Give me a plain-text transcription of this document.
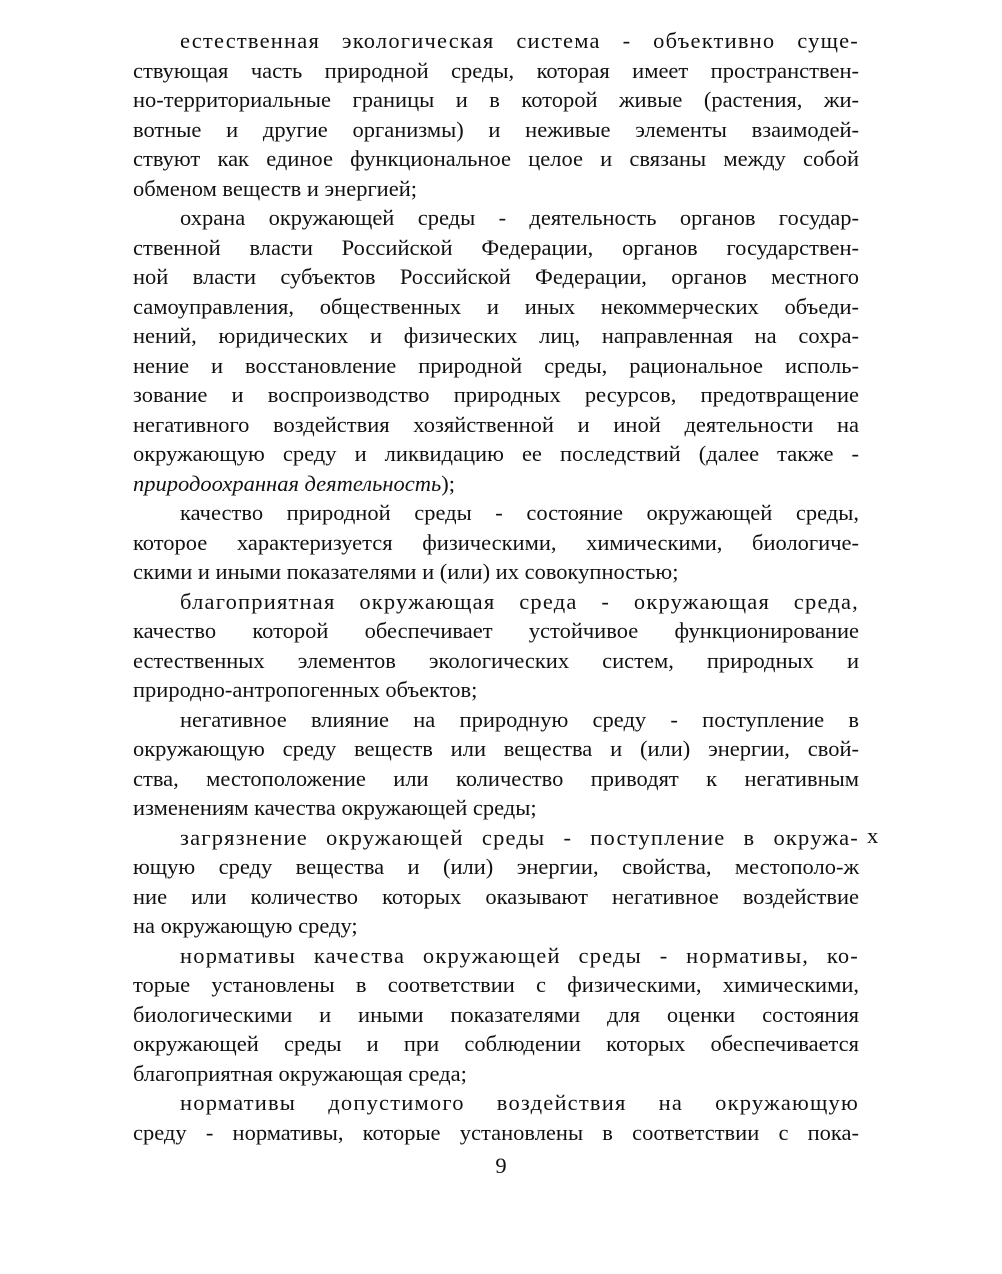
естественная экологическая система - объективно суще-
ствующая часть природной среды, которая имеет пространствен-
но-территориальные границы и в которой живые (растения, жи-
вотные и другие организмы) и неживые элементы взаимодей-
ствуют как единое функциональное целое и связаны между собой
обменом веществ и энергией;
охрана окружающей среды - деятельность органов государ-
ственной власти Российской Федерации, органов государствен-
ной власти субъектов Российской Федерации, органов местного
самоуправления, общественных и иных некоммерческих объеди-
нений, юридических и физических лиц, направленная на сохра-
нение и восстановление природной среды, рациональное исполь-
зование и воспроизводство природных ресурсов, предотвращение
негативного воздействия хозяйственной и иной деятельности на
окружающую среду и ликвидацию ее последствий (далее также -
природоохранная деятельность);
качество природной среды - состояние окружающей среды,
которое характеризуется физическими, химическими, биологиче-
скими и иными показателями и (или) их совокупностью;
благоприятная окружающая среда - окружающая среда,
качество которой обеспечивает устойчивое функционирование
естественных элементов экологических систем, природных и
природно-антропогенных объектов;
негативное влияние на природную среду - поступление в
окружающую среду веществ или вещества и (или) энергии, свой-
ства, местоположение или количество приводят к негативным
изменениям качества окружающей среды;
загрязнение окружающей среды - поступление в окружа-
ющую среду вещества и (или) энергии, свойства, местополо-ж
ние или количество которых оказывают негативное воздействие
на окружающую среду;
нормативы качества окружающей среды - нормативы, ко-
торые установлены в соответствии с физическими, химическими,
биологическими и иными показателями для оценки состояния
окружающей среды и при соблюдении которых обеспечивается
благоприятная окружающая среда;
нормативы допустимого воздействия на окружающую
среду - нормативы, которые установлены в соответствии с пока-
x
9
